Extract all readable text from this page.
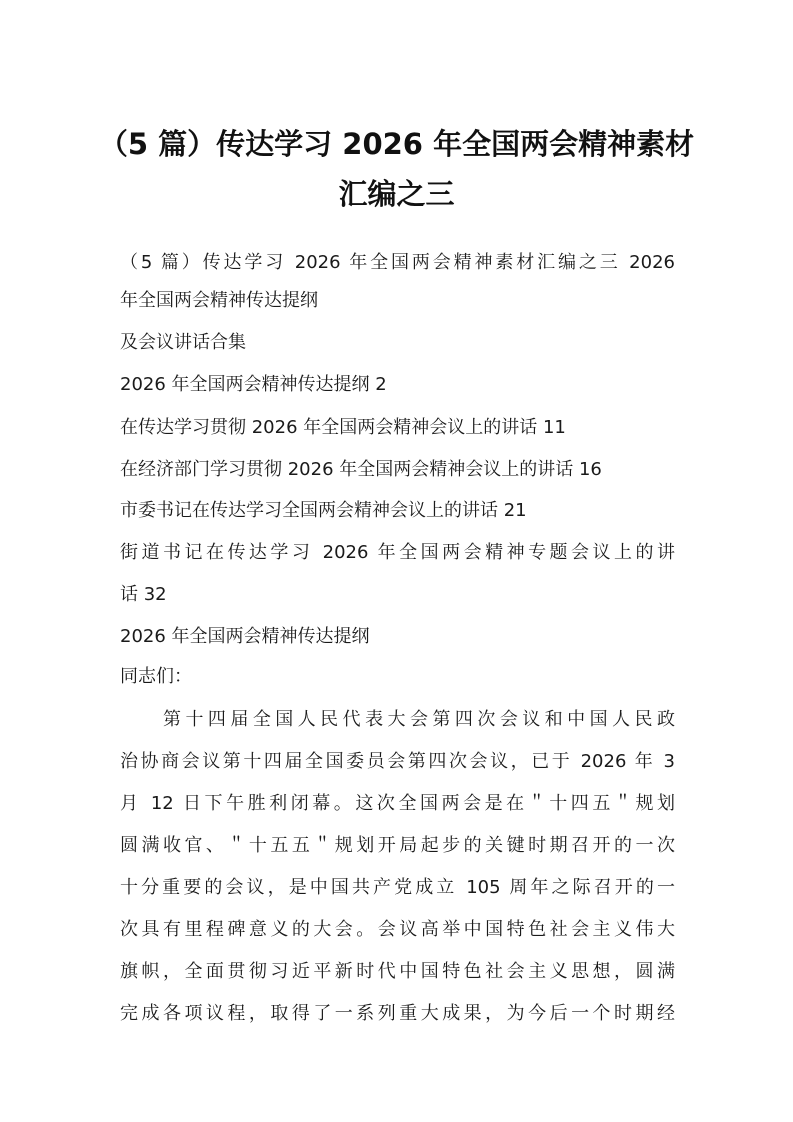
（5 篇）传达学习 2026 年全国两会精神素材
汇编之三
（5 篇）传达学习 2026 年全国两会精神素材汇编之三 2026
年全国两会精神传达提纲
及会议讲话合集
2026 年全国两会精神传达提纲 2
在传达学习贯彻 2026 年全国两会精神会议上的讲话 11
在经济部门学习贯彻 2026 年全国两会精神会议上的讲话 16
市委书记在传达学习全国两会精神会议上的讲话 21
街道书记在传达学习 2026 年全国两会精神专题会议上的讲
话 32
2026 年全国两会精神传达提纲
同志们：
第十四届全国人民代表大会第四次会议和中国人民政
治协商会议第十四届全国委员会第四次会议，已于 2026 年 3
月 12 日下午胜利闭幕。这次全国两会是在＂十四五＂规划
圆满收官、＂十五五＂规划开局起步的关键时期召开的一次
十分重要的会议，是中国共产党成立 105 周年之际召开的一
次具有里程碑意义的大会。会议高举中国特色社会主义伟大
旗帜，全面贯彻习近平新时代中国特色社会主义思想，圆满
完成各项议程，取得了一系列重大成果，为今后一个时期经
